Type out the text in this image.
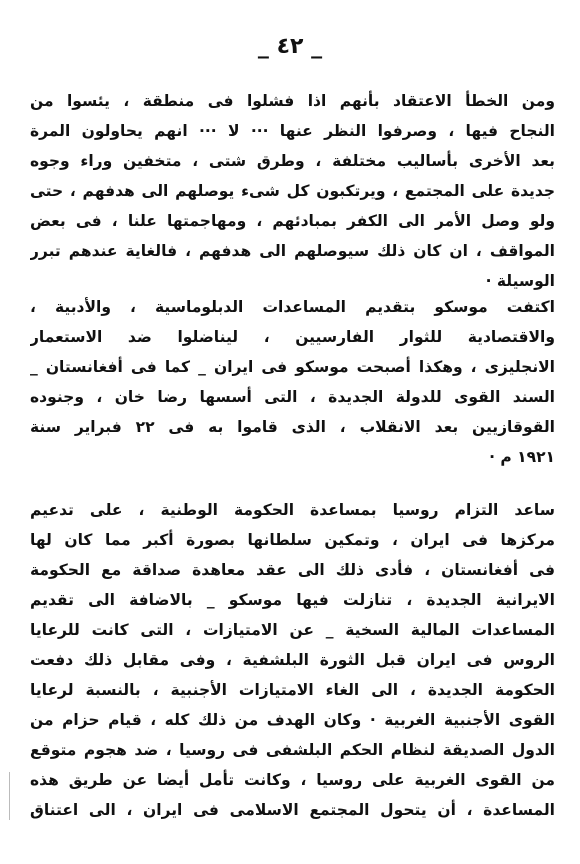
_ ٤٢ _
ومن الخطأ الاعتقاد بأنهم اذا فشلوا فى منطقة ، يئسوا من
النجاح فيها ، وصرفوا النظر عنها ··· لا ··· انهم يحاولون المرة
بعد الأخرى بأساليب مختلفة ، وطرق شتى ، متخفين وراء وجوه
جديدة على المجتمع ، ويرتكبون كل شىء يوصلهم الى هدفهم ، حتى
ولو وصل الأمر الى الكفر بمبادئهم ، ومهاجمتها علنا ، فى بعض
المواقف ، ان كان ذلك سيوصلهم الى هدفهم ، فالغاية عندهم تبرر
الوسيلة ·
اكتفت موسكو بتقديم المساعدات الدبلوماسية ، والأدبية ،
والاقتصادية للثوار الفارسيين ، ليناضلوا ضد الاستعمار
الانجليزى ، وهكذا أصبحت موسكو فى ايران _ كما فى أفغانستان _
السند القوى للدولة الجديدة ، التى أسسها رضا خان ، وجنوده
القوقازيين بعد الانقلاب ، الذى قاموا به فى ٢٢ فبراير سنة
١٩٢١ م ·
ساعد التزام روسيا بمساعدة الحكومة الوطنية ، على تدعيم
مركزها فى ايران ، وتمكين سلطانها بصورة أكبر مما كان لها
فى أفغانستان ، فأدى ذلك الى عقد معاهدة صداقة مع الحكومة
الايرانية الجديدة ، تنازلت فيها موسكو _ بالاضافة الى تقديم
المساعدات المالية السخية _ عن الامتيازات ، التى كانت للرعايا
الروس فى ايران قبل الثورة البلشفية ، وفى مقابل ذلك دفعت
الحكومة الجديدة ، الى الغاء الامتيازات الأجنبية ، بالنسبة لرعايا
القوى الأجنبية الغربية · وكان الهدف من ذلك كله ، قيام حزام من
الدول الصديقة لنظام الحكم البلشفى فى روسيا ، ضد هجوم متوقع
من القوى الغربية على روسيا ، وكانت تأمل أيضا عن طريق هذه
المساعدة ، أن يتحول المجتمع الاسلامى فى ايران ، الى اعتناق
